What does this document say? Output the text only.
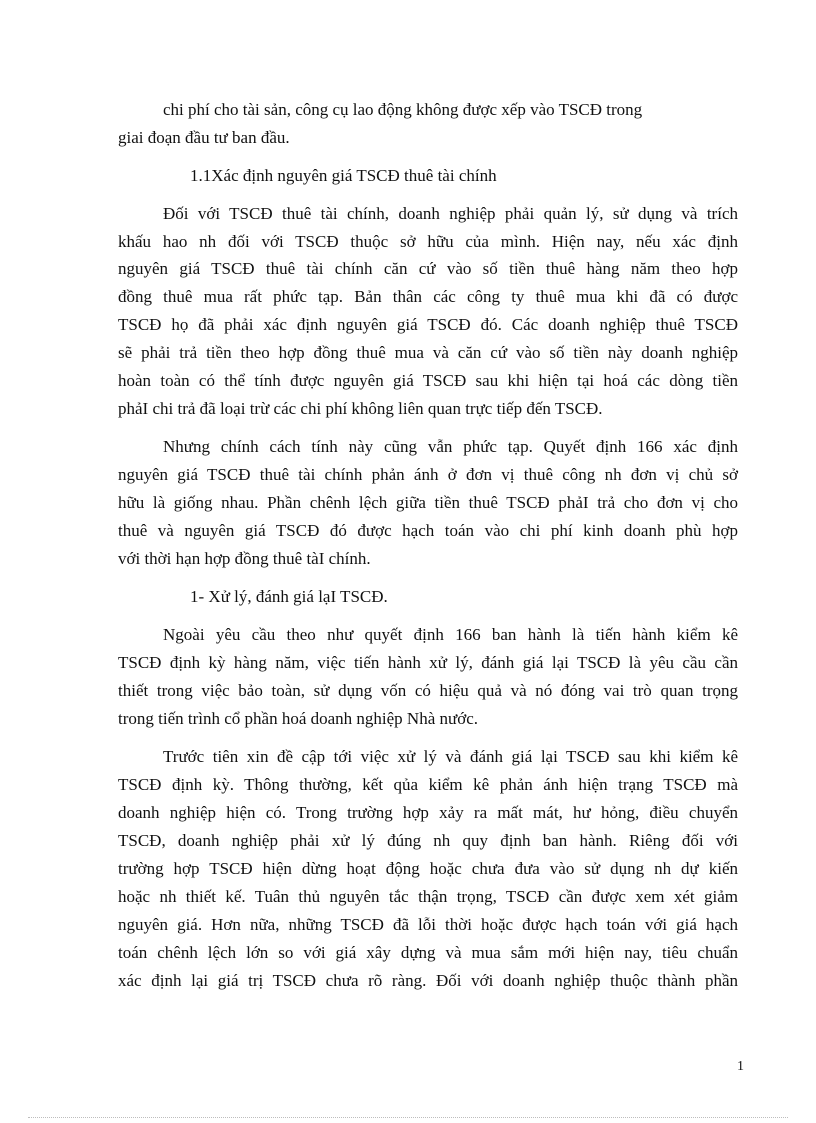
chi phí cho tài sản, công cụ lao động không được xếp vào TSCĐ trong
giai đoạn đầu tư ban đầu.
1.1Xác định nguyên giá TSCĐ thuê tài chính
Đối với TSCĐ thuê tài chính, doanh nghiệp phải quản lý, sử dụng và trích
khấu hao nh đối với TSCĐ thuộc sở hữu của mình. Hiện nay, nếu xác định
nguyên giá TSCĐ thuê tài chính căn cứ vào số tiền thuê hàng năm theo hợp
đồng thuê mua rất phức tạp. Bản thân các công ty thuê mua khi đã có được
TSCĐ họ đã phải xác định nguyên giá TSCĐ đó. Các doanh nghiệp thuê TSCĐ
sẽ phải trả tiền theo hợp đồng thuê mua và căn cứ vào số tiền này doanh nghiệp
hoàn toàn có thể tính được nguyên giá TSCĐ sau khi hiện tại hoá các dòng tiền
phảI chi trả đã loại trừ các chi phí không liên quan trực tiếp đến TSCĐ.
Nhưng chính cách tính này cũng vẫn phức tạp. Quyết định 166 xác định
nguyên giá TSCĐ thuê tài chính phản ánh ở đơn vị thuê công nh đơn vị chủ sở
hữu là giống nhau. Phần chênh lệch giữa tiền thuê TSCĐ phảI trả cho đơn vị cho
thuê và nguyên giá TSCĐ đó được hạch toán vào chi phí kinh doanh phù hợp
với thời hạn hợp đồng thuê tàI chính.
1- Xử lý, đánh giá lạI TSCĐ.
Ngoài yêu cầu theo như quyết định 166 ban hành là tiến hành kiểm kê
TSCĐ định kỳ hàng năm, việc tiến hành xử lý, đánh giá lại TSCĐ là yêu cầu cần
thiết trong việc bảo toàn, sử dụng vốn có hiệu quả và nó đóng vai trò quan trọng
trong tiến trình cổ phần hoá doanh nghiệp Nhà nước.
Trước tiên xin đề cập tới việc xử lý và đánh giá lại TSCĐ sau khi kiểm kê
TSCĐ định kỳ. Thông thường, kết qủa kiểm kê phản ánh hiện trạng TSCĐ mà
doanh nghiệp hiện có. Trong trường hợp xảy ra mất mát, hư hỏng, điều chuyển
TSCĐ, doanh nghiệp phải xử lý đúng nh quy định ban hành. Riêng đối với
trường hợp TSCĐ hiện dừng hoạt động hoặc chưa đưa vào sử dụng nh dự kiến
hoặc nh thiết kế. Tuân thủ nguyên tắc thận trọng, TSCĐ cần được xem xét giảm
nguyên giá. Hơn nữa, những TSCĐ đã lỗi thời hoặc được hạch toán với giá hạch
toán chênh lệch lớn so với giá xây dựng và mua sắm mới hiện nay, tiêu chuẩn
xác định lại giá trị TSCĐ chưa rõ ràng. Đối với doanh nghiệp thuộc thành phần
1
